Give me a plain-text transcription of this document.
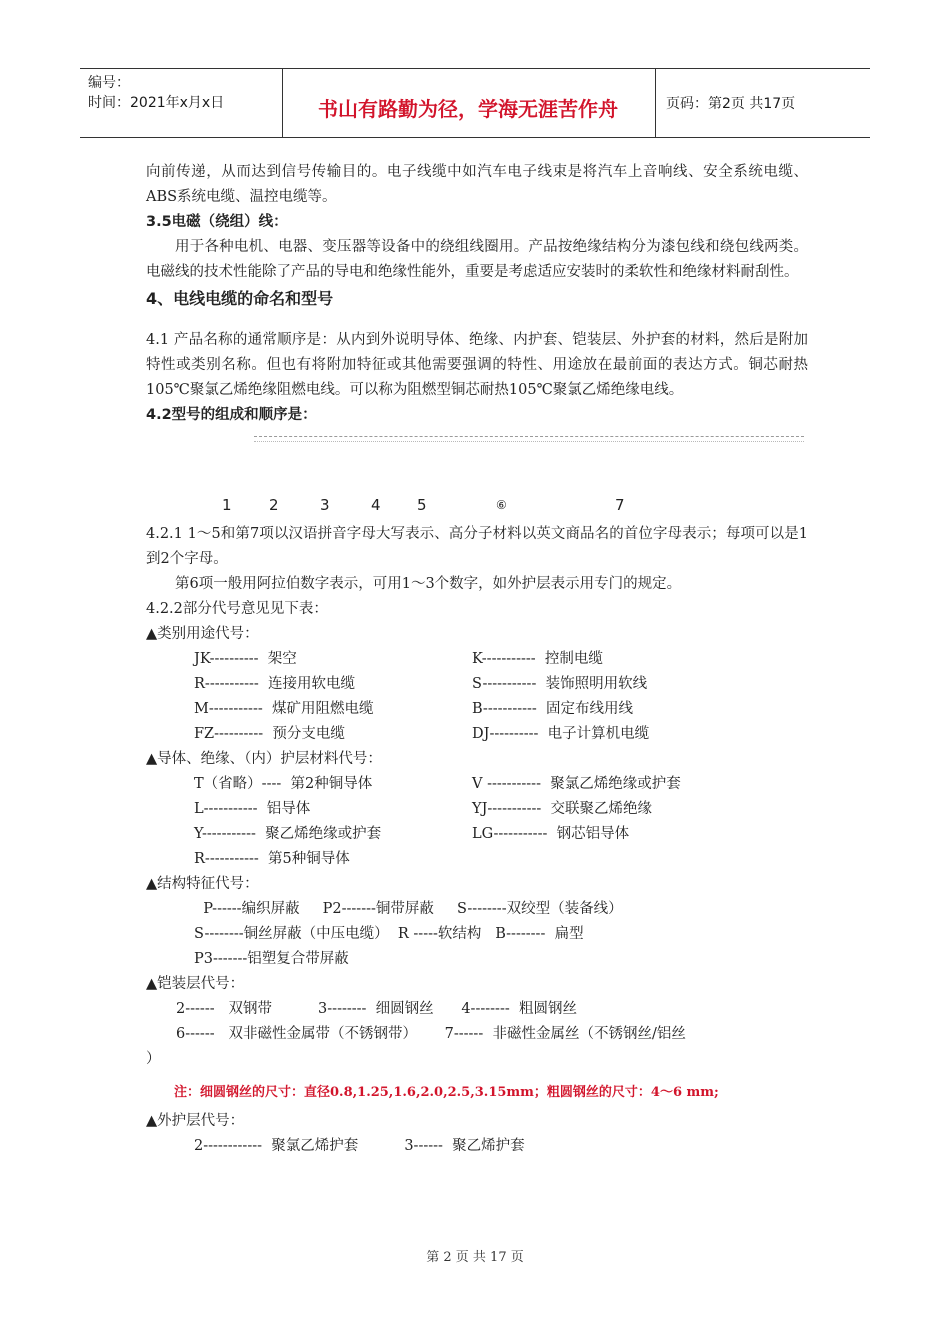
编号：
时间：2021年x月x日	书山有路勤为径，学海无涯苦作舟	页码：第2页 共17页

向前传递，从而达到信号传输目的。电子线缆中如汽车电子线束是将汽车上音响线、安全系统电缆、ABS系统电缆、温控电缆等。

3.5电磁（绕组）线：

用于各种电机、电器、变压器等设备中的绕组线圈用。产品按绝缘结构分为漆包线和绕包线两类。电磁线的技术性能除了产品的导电和绝缘性能外，重要是考虑适应安装时的柔软性和绝缘材料耐刮性。

4、电线电缆的命名和型号

4.1 产品名称的通常顺序是：从内到外说明导体、绝缘、内护套、铠装层、外护套的材料，然后是附加特性或类别名称。但也有将附加特征或其他需要强调的特性、用途放在最前面的表达方式。铜芯耐热105℃聚氯乙烯绝缘阻燃电线。可以称为阻燃型铜芯耐热105℃聚氯乙烯绝缘电线。

4.2型号的组成和顺序是：

1 2	3	4 5	⑥	7

4.2.1 1～5和第7项以汉语拼音字母大写表示、高分子材料以英文商品名的首位字母表示；每项可以是1到2个字母。

第6项一般用阿拉伯数字表示，可用1～3个数字，如外护层表示用专门的规定。

4.2.2部分代号意见见下表：

▲类别用途代号：

JK----------  架空	K-----------  控制电缆
R-----------  连接用软电缆	S-----------  装饰照明用软线
M-----------  煤矿用阻燃电缆	B-----------  固定布线用线
FZ----------  预分支电缆	DJ----------  电子计算机电缆

▲导体、绝缘、（内）护层材料代号：

T（省略）----  第2种铜导体	V -----------  聚氯乙烯绝缘或护套
L-----------  铝导体	YJ-----------  交联聚乙烯绝缘
Y-----------  聚乙烯绝缘或护套	LG-----------  钢芯铝导体
R-----------  第5种铜导体

▲结构特征代号：

P------编织屏蔽     P2-------铜带屏蔽     S--------双绞型（装备线）
S--------铜丝屏蔽（中压电缆）  R -----软结构   B--------  扁型
P3-------铝塑复合带屏蔽

▲铠装层代号：

2------   双钢带          3--------  细圆钢丝      4--------  粗圆钢丝
6------   双非磁性金属带（不锈钢带）      7------  非磁性金属丝（不锈钢丝/铝丝
）
注：细圆钢丝的尺寸：直径0.8,1.25,1.6,2.0,2.5,3.15mm；粗圆钢丝的尺寸：4～6 mm;

▲外护层代号：

2------------  聚氯乙烯护套          3------  聚乙烯护套
第 2 页 共 17 页
